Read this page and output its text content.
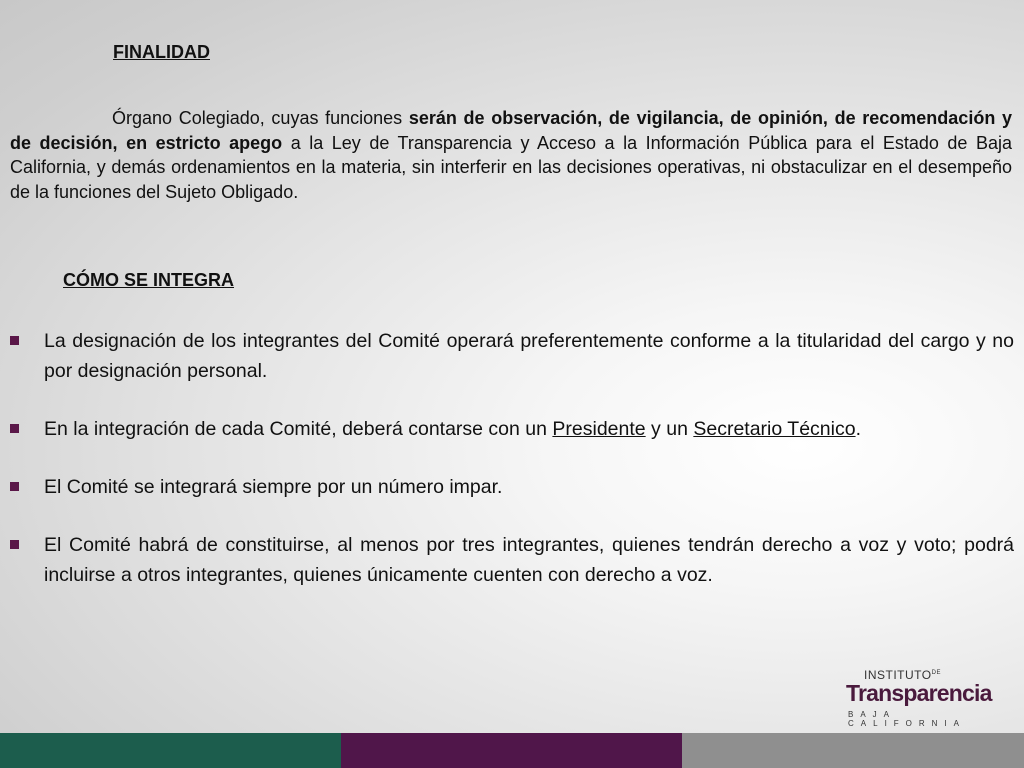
FINALIDAD

Órgano Colegiado, cuyas funciones serán de observación, de vigilancia, de opinión, de recomendación y de decisión, en estricto apego a la Ley de Transparencia y Acceso a la Información Pública para el Estado de Baja California, y demás ordenamientos en la materia, sin interferir en las decisiones operativas, ni obstaculizar en el desempeño de la funciones del Sujeto Obligado.

CÓMO SE INTEGRA
La designación de los integrantes del Comité operará preferentemente conforme a la titularidad del cargo y no por designación personal.
En la integración de cada Comité, deberá contarse con un Presidente y un Secretario Técnico.
El Comité se integrará siempre por un número impar.
El Comité habrá de constituirse, al menos por tres integrantes, quienes tendrán derecho a voz y voto; podrá incluirse a otros integrantes, quienes únicamente cuenten con derecho a voz.
$INSTITUTO^{DE}$
Transparencia
BAJA CALIFORNIA
